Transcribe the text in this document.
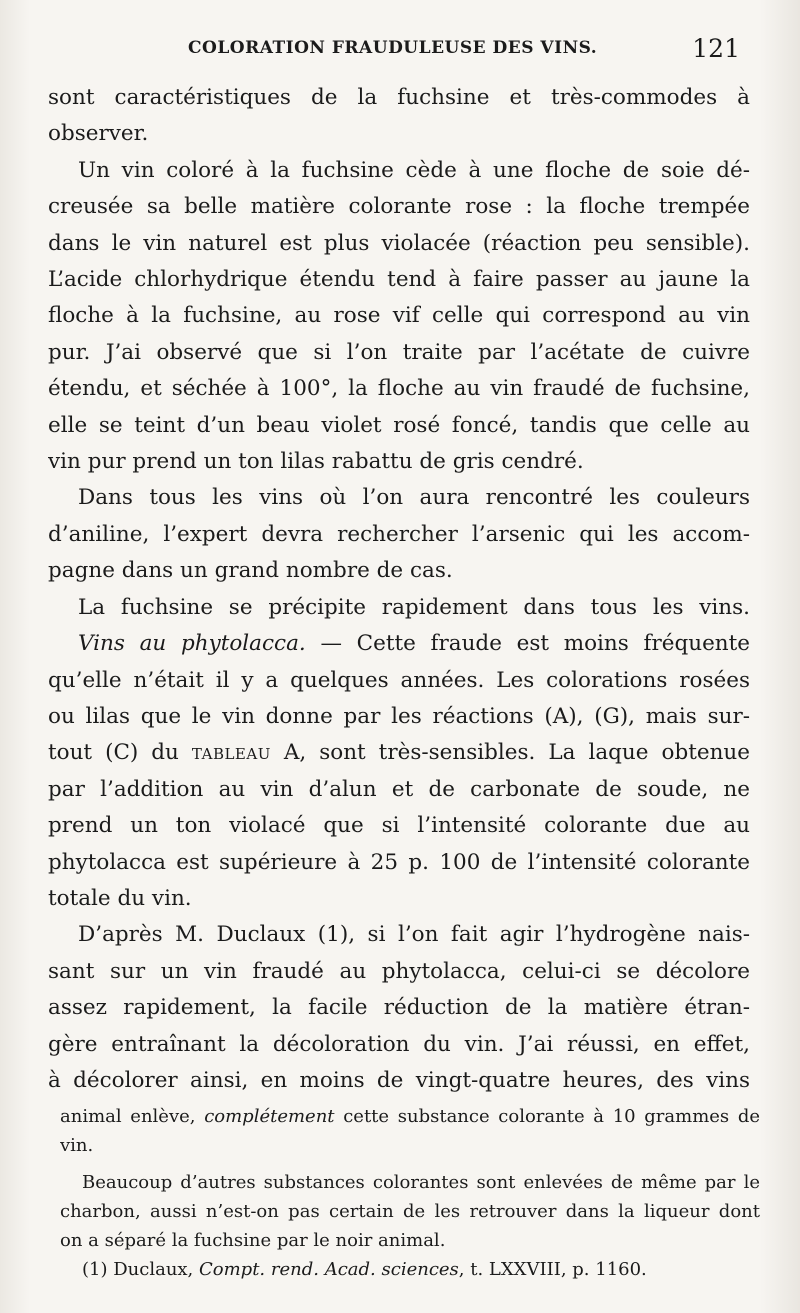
COLORATION FRAUDULEUSE DES VINS.	121

sont caractéristiques de la fuchsine et très-commodes à
observer.

Un vin coloré à la fuchsine cède à une floche de soie dé-
creusée sa belle matière colorante rose : la floche trempée
dans le vin naturel est plus violacée (réaction peu sensible).
L’acide chlorhydrique étendu tend à faire passer au jaune la
floche à la fuchsine, au rose vif celle qui correspond au vin
pur. J’ai observé que si l’on traite par l’acétate de cuivre
étendu, et séchée à 100°, la floche au vin fraudé de fuchsine,
elle se teint d’un beau violet rosé foncé, tandis que celle au
vin pur prend un ton lilas rabattu de gris cendré.

Dans tous les vins où l’on aura rencontré les couleurs
d’aniline, l’expert devra rechercher l’arsenic qui les accom-
pagne dans un grand nombre de cas.

La fuchsine se précipite rapidement dans tous les vins.

Vins au phytolacca. — Cette fraude est moins fréquente
qu’elle n’était il y a quelques années. Les colorations rosées
ou lilas que le vin donne par les réactions (A), (G), mais sur-
tout (C) du tableau A, sont très-sensibles. La laque obtenue
par l’addition au vin d’alun et de carbonate de soude, ne
prend un ton violacé que si l’intensité colorante due au
phytolacca est supérieure à 25 p. 100 de l’intensité colorante
totale du vin.

D’après M. Duclaux (1), si l’on fait agir l’hydrogène nais-
sant sur un vin fraudé au phytolacca, celui-ci se décolore
assez rapidement, la facile réduction de la matière étran-
gère entraînant la décoloration du vin. J’ai réussi, en effet,
à décolorer ainsi, en moins de vingt-quatre heures, des vins

animal enlève, complétement cette substance colorante à 10 grammes de
vin.

Beaucoup d’autres substances colorantes sont enlevées de même par le
charbon, aussi n’est-on pas certain de les retrouver dans la liqueur dont
on a séparé la fuchsine par le noir animal.

(1) Duclaux, Compt. rend. Acad. sciences, t. LXXVIII, p. 1160.
